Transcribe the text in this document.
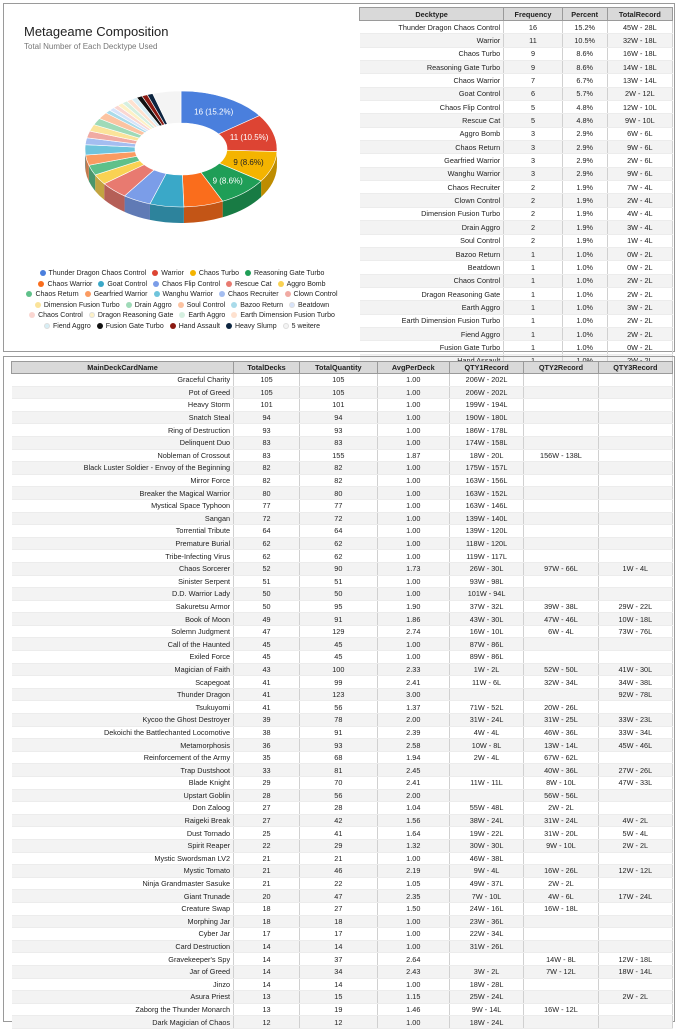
Metageame Composition
Total Number of Each Decktype Used
16 (15.2%)
11 (10.5%)
9 (8.6%)
9 (8.6%)
Thunder Dragon Chaos Control Warrior Chaos Turbo Reasoning Gate TurboChaos Warrior Goat Control Chaos Flip Control Rescue Cat Aggro BombChaos Return Gearfried Warrior Wanghu Warrior Chaos Recruiter Clown ControlDimension Fusion Turbo Drain Aggro Soul Control Bazoo Return BeatdownChaos Control Dragon Reasoning Gate Earth Aggro Earth Dimension Fusion TurboFiend Aggro Fusion Gate Turbo Hand Assault Heavy Slump 5 weitere
Decktype	Frequency	Percent	TotalRecord
Thunder Dragon Chaos Control	16	15.2%	45W - 28L
Warrior	11	10.5%	32W - 18L
Chaos Turbo	9	8.6%	16W - 18L
Reasoning Gate Turbo	9	8.6%	14W - 18L
Chaos Warrior	7	6.7%	13W - 14L
Goat Control	6	5.7%	2W - 12L
Chaos Flip Control	5	4.8%	12W - 10L
Rescue Cat	5	4.8%	9W - 10L
Aggro Bomb	3	2.9%	6W - 6L
Chaos Return	3	2.9%	9W - 6L
Gearfried Warrior	3	2.9%	2W - 6L
Wanghu Warrior	3	2.9%	9W - 6L
Chaos Recruiter	2	1.9%	7W - 4L
Clown Control	2	1.9%	2W - 4L
Dimension Fusion Turbo	2	1.9%	4W - 4L
Drain Aggro	2	1.9%	3W - 4L
Soul Control	2	1.9%	1W - 4L
Bazoo Return	1	1.0%	0W - 2L
Beatdown	1	1.0%	0W - 2L
Chaos Control	1	1.0%	2W - 2L
Dragon Reasoning Gate	1	1.0%	2W - 2L
Earth Aggro	1	1.0%	3W - 2L
Earth Dimension Fusion Turbo	1	1.0%	2W - 2L
Fiend Aggro	1	1.0%	2W - 2L
Fusion Gate Turbo	1	1.0%	0W - 2L

MainDeckCardName	TotalDecks	TotalQuantity	AvgPerDeck	QTY1Record	QTY2Record	QTY3Record
Graceful Charity	105	105	1.00	206W - 202L		
Pot of Greed	105	105	1.00	206W - 202L		
Heavy Storm	101	101	1.00	199W - 194L		
Snatch Steal	94	94	1.00	190W - 180L		
Ring of Destruction	93	93	1.00	186W - 178L		
Delinquent Duo	83	83	1.00	174W - 158L		
Nobleman of Crossout	83	155	1.87	18W - 20L	156W - 138L	
Black Luster Soldier - Envoy of the Beginning	82	82	1.00	175W - 157L		
Mirror Force	82	82	1.00	163W - 156L		
Breaker the Magical Warrior	80	80	1.00	163W - 152L		
Mystical Space Typhoon	77	77	1.00	163W - 146L		
Sangan	72	72	1.00	139W - 140L		
Torrential Tribute	64	64	1.00	139W - 120L		
Premature Burial	62	62	1.00	118W - 120L		
Tribe-Infecting Virus	62	62	1.00	119W - 117L		
Chaos Sorcerer	52	90	1.73	26W - 30L	97W - 66L	1W - 4L
Sinister Serpent	51	51	1.00	93W - 98L		
D.D. Warrior Lady	50	50	1.00	101W - 94L		
Sakuretsu Armor	50	95	1.90	37W - 32L	39W - 38L	29W - 22L
Book of Moon	49	91	1.86	43W - 30L	47W - 46L	10W - 18L
Solemn Judgment	47	129	2.74	16W - 10L	6W - 4L	73W - 76L
Call of the Haunted	45	45	1.00	87W - 86L		
Exiled Force	45	45	1.00	89W - 86L		
Magician of Faith	43	100	2.33	1W - 2L	52W - 50L	41W - 30L
Scapegoat	41	99	2.41	11W - 6L	32W - 34L	34W - 38L
Thunder Dragon	41	123	3.00			92W - 78L
Tsukuyomi	41	56	1.37	71W - 52L	20W - 26L	
Kycoo the Ghost Destroyer	39	78	2.00	31W - 24L	31W - 25L	33W - 23L
Dekoichi the Battlechanted Locomotive	38	91	2.39	4W - 4L	46W - 36L	33W - 34L
Metamorphosis	36	93	2.58	10W - 8L	13W - 14L	45W - 46L
Reinforcement of the Army	35	68	1.94	2W - 4L	67W - 62L	
Trap Dustshoot	33	81	2.45		40W - 36L	27W - 26L
Blade Knight	29	70	2.41	11W - 11L	8W - 10L	47W - 33L
Upstart Goblin	28	56	2.00		56W - 56L	
Don Zaloog	27	28	1.04	55W - 48L	2W - 2L	
Raigeki Break	27	42	1.56	38W - 24L	31W - 24L	4W - 2L
Dust Tornado	25	41	1.64	19W - 22L	31W - 20L	5W - 4L
Spirit Reaper	22	29	1.32	30W - 30L	9W - 10L	2W - 2L
Mystic Swordsman LV2	21	21	1.00	46W - 38L		
Mystic Tomato	21	46	2.19	9W - 4L	16W - 26L	12W - 12L
Ninja Grandmaster Sasuke	21	22	1.05	49W - 37L	2W - 2L	
Giant Trunade	20	47	2.35	7W - 10L	4W - 6L	17W - 24L
Creature Swap	18	27	1.50	24W - 16L	16W - 18L	
Morphing Jar	18	18	1.00	23W - 36L		
Cyber Jar	17	17	1.00	22W - 34L		
Card Destruction	14	14	1.00	31W - 26L		
Gravekeeper's Spy	14	37	2.64		14W - 8L	12W - 18L
Jar of Greed	14	34	2.43	3W - 2L	7W - 12L	18W - 14L
Jinzo	14	14	1.00	18W - 28L		
Asura Priest	13	15	1.15	25W - 24L		2W - 2L
Zaborg the Thunder Monarch	13	19	1.46	9W - 14L	16W - 12L	
Dark Magician of Chaos	12	12	1.00	18W - 24L		
